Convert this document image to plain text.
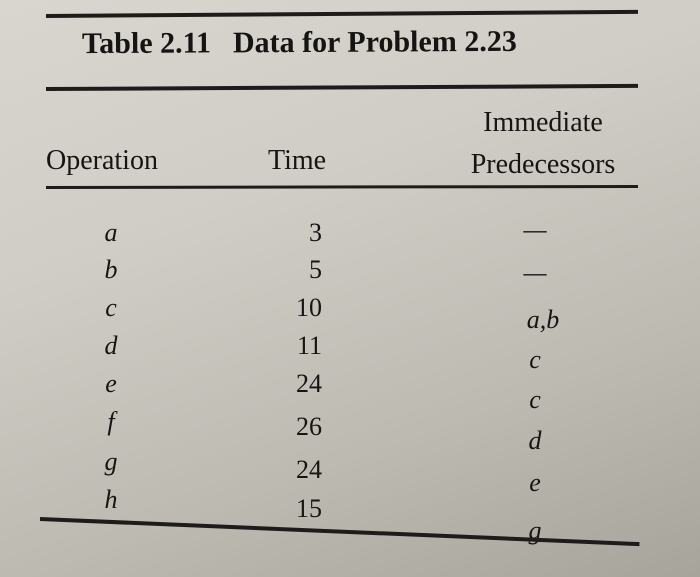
Table 2.11 Data for Problem 2.23
Operation	Time
Immediate
Predecessors
a
b
c
d
e
f
g
h
3
5
10
11
24
26
24
15
—
—
a,b
c
c
d
e
g
